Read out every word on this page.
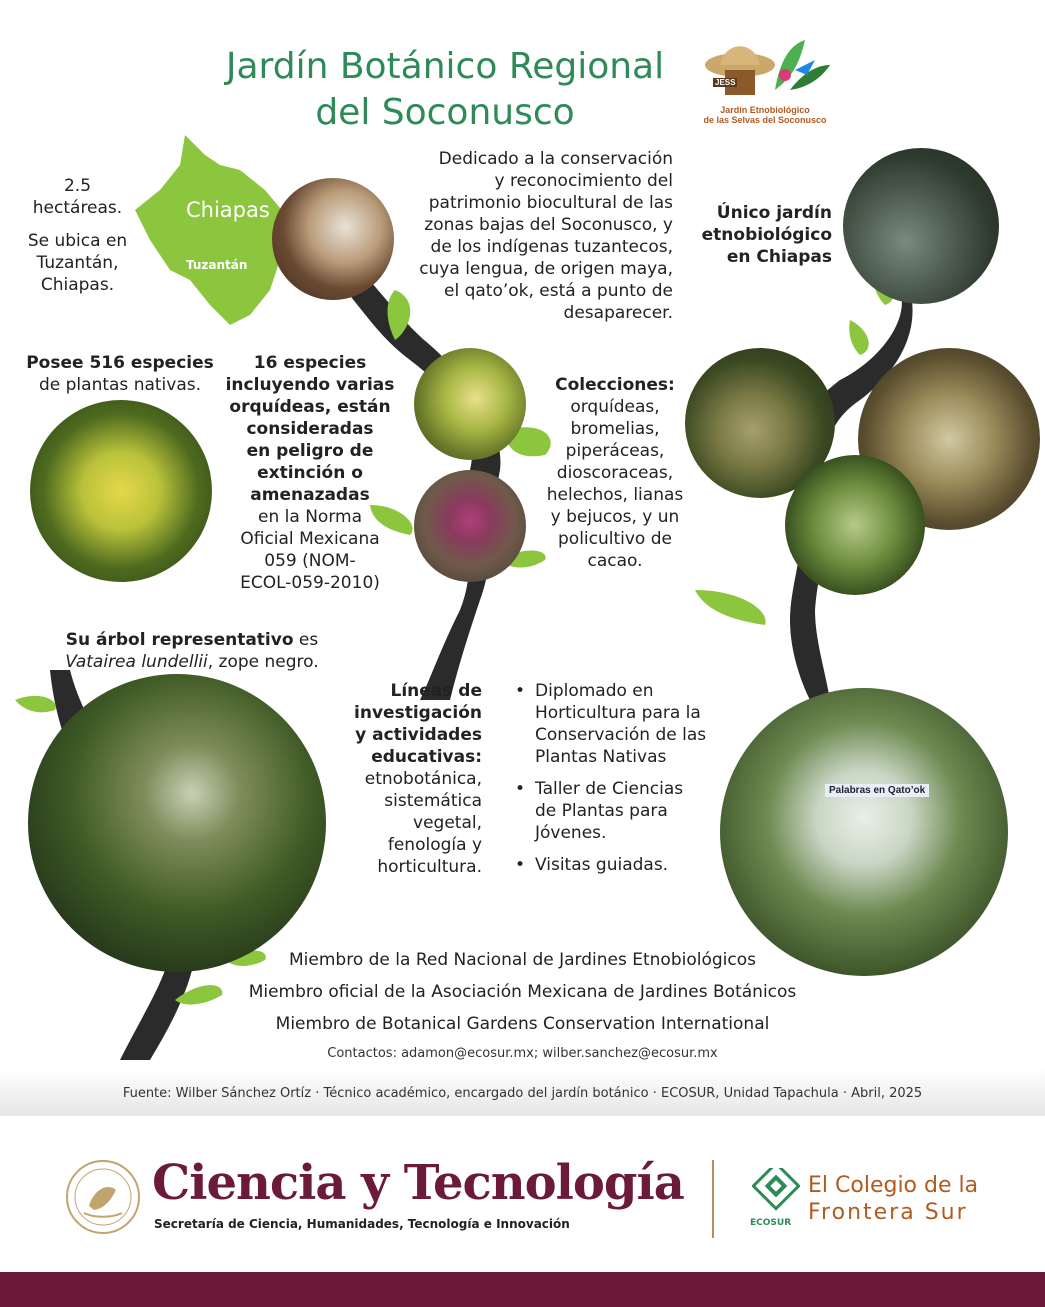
Jardín Botánico Regional
del Soconusco
JESS
Jardín Etnobiológico
de las Selvas del Soconusco
Chiapas
Tuzantán
2.5
hectáreas.
Se ubica en
Tuzantán,
Chiapas.
Dedicado a la conservación
y reconocimiento del
patrimonio biocultural de las
zonas bajas del Soconusco, y
de los indígenas tuzantecos,
cuya lengua, de origen maya,
el qato’ok, está a punto de
desaparecer.
Único jardín
etnobiológico
en Chiapas
Posee 516 especies
de plantas nativas.
16 especies
incluyendo varias
orquídeas, están
consideradas
en peligro de
extinción o
amenazadas
en la Norma
Oficial Mexicana
059 (NOM-
ECOL-059-2010)
Colecciones:
orquídeas,
bromelias,
piperáceas,
dioscoraceas,
helechos, lianas
y bejucos, y un
policultivo de
cacao.
Su árbol representativo es
Vatairea lundellii, zope negro.
Líneas de
investigación
y actividades
educativas:
etnobotánica,
sistemática
vegetal,
fenología y
horticultura.
• Diplomado en
Horticultura para la
Conservación de las
Plantas Nativas
• Taller de Ciencias
de Plantas para
Jóvenes.
• Visitas guiadas.
Palabras en Qato’ok
Miembro de la Red Nacional de Jardines Etnobiológicos
Miembro oficial de la Asociación Mexicana de Jardines Botánicos
Miembro de Botanical Gardens Conservation International
Contactos: adamon@ecosur.mx; wilber.sanchez@ecosur.mx
Fuente: Wilber Sánchez Ortíz · Técnico académico, encargado del jardín botánico · ECOSUR, Unidad Tapachula · Abril, 2025
Ciencia y Tecnología
Secretaría de Ciencia, Humanidades, Tecnología e Innovación	ECOSUR
El Colegio de la
Frontera Sur
